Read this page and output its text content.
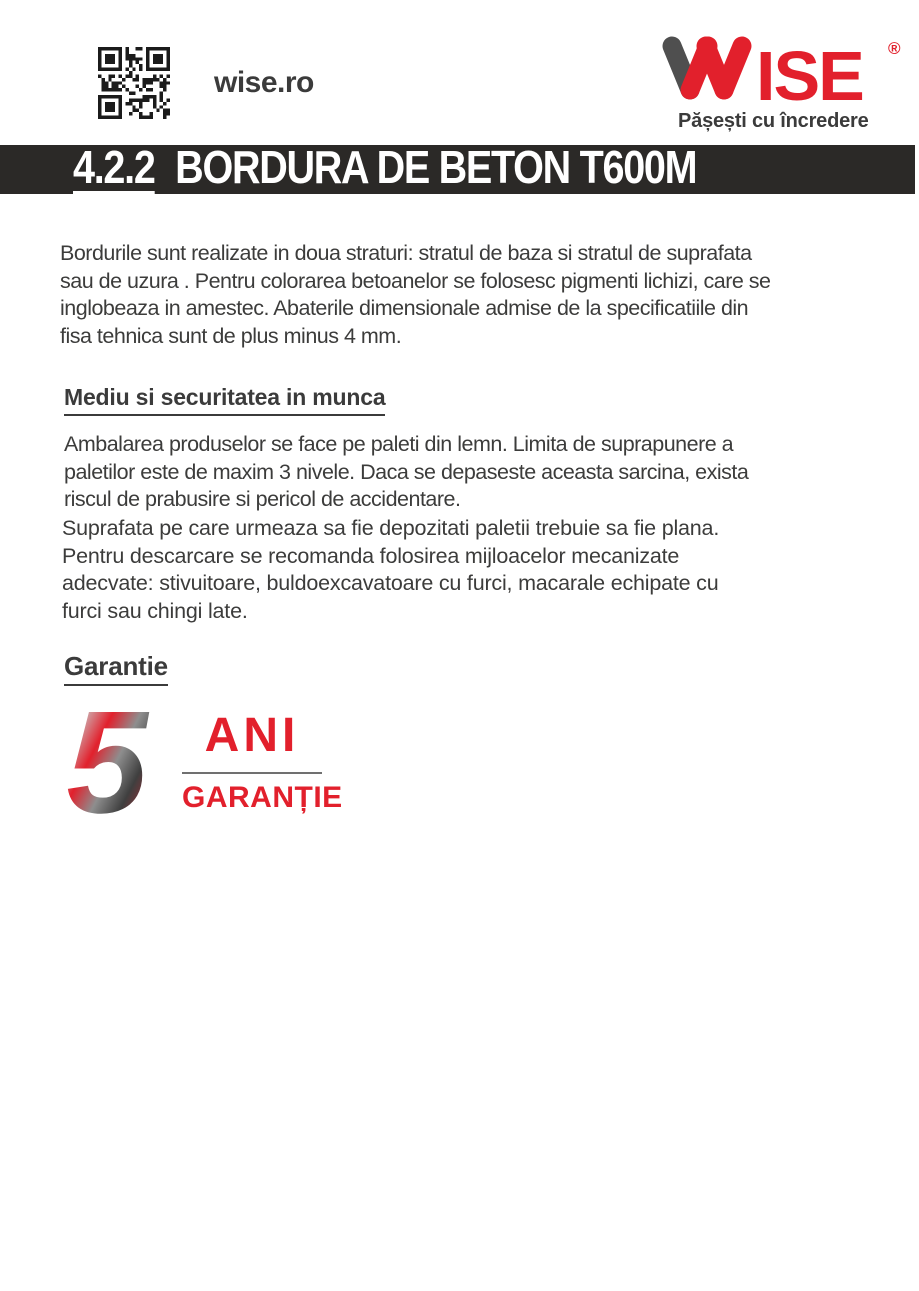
wise.ro	ISE ®
Pășești cu încredere
4.2.2 BORDURA DE BETON T600M
Bordurile sunt realizate in doua straturi: stratul de baza si stratul de suprafata
sau de uzura . Pentru colorarea betoanelor se folosesc pigmenti lichizi, care se
inglobeaza in amestec. Abaterile dimensionale admise de la specificatiile din
fisa tehnica sunt de plus minus 4 mm.
Mediu si securitatea in munca
Ambalarea produselor se face pe paleti din lemn. Limita de suprapunere a
paletilor este de maxim 3 nivele. Daca se depaseste aceasta sarcina, exista
riscul de prabusire si pericol de accidentare.
Suprafata pe care urmeaza sa fie depozitati paletii trebuie sa fie plana.
Pentru descarcare se recomanda folosirea mijloacelor mecanizate
adecvate: stivuitoare, buldoexcavatoare cu furci, macarale echipate cu
furci sau chingi late.
Garantie
5	ANI
GARANȚIE
